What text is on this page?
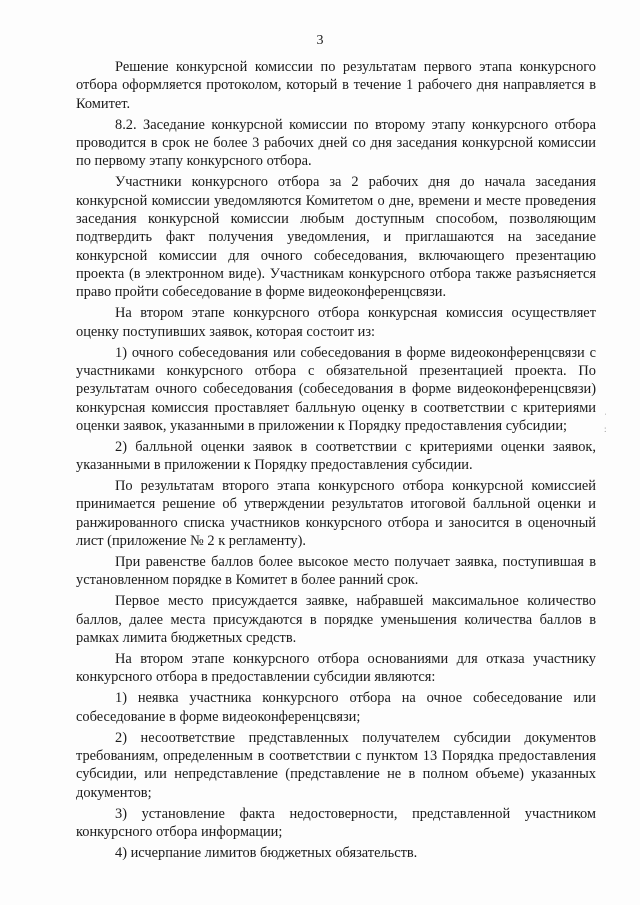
3

Решение конкурсной комиссии по результатам первого этапа конкурсного отбора оформляется протоколом, который в течение 1 рабочего дня направляется в Комитет.

8.2. Заседание конкурсной комиссии по второму этапу конкурсного отбора проводится в срок не более 3 рабочих дней со дня заседания конкурсной комиссии по первому этапу конкурсного отбора.

Участники конкурсного отбора за 2 рабочих дня до начала заседания конкурсной комиссии уведомляются Комитетом о дне, времени и месте проведения заседания конкурсной комиссии любым доступным способом, позволяющим подтвердить факт получения уведомления, и приглашаются на заседание конкурсной комиссии для очного собеседования, включающего презентацию проекта (в электронном виде). Участникам конкурсного отбора также разъясняется право пройти собеседование в форме видеоконференцсвязи.

На втором этапе конкурсного отбора конкурсная комиссия осуществляет оценку поступивших заявок, которая состоит из:

1) очного собеседования или собеседования в форме видеоконференцсвязи с участниками конкурсного отбора с обязательной презентацией проекта. По результатам очного собеседования (собеседования в форме видеоконференцсвязи) конкурсная комиссия проставляет балльную оценку в соответствии с критериями оценки заявок, указанными в приложении к Порядку предоставления субсидии;

2) балльной оценки заявок в соответствии с критериями оценки заявок, указанными в приложении к Порядку предоставления субсидии.

По результатам второго этапа конкурсного отбора конкурсной комиссией принимается решение об утверждении результатов итоговой балльной оценки и ранжированного списка участников конкурсного отбора и заносится в оценочный лист (приложение № 2 к регламенту).

При равенстве баллов более высокое место получает заявка, поступившая в установленном порядке в Комитет в более ранний срок.

Первое место присуждается заявке, набравшей максимальное количество баллов, далее места присуждаются в порядке уменьшения количества баллов в рамках лимита бюджетных средств.

На втором этапе конкурсного отбора основаниями для отказа участнику конкурсного отбора в предоставлении субсидии являются:

1) неявка участника конкурсного отбора на очное собеседование или собеседование в форме видеоконференцсвязи;

2) несоответствие представленных получателем субсидии документов требованиям, определенным в соответствии с пунктом 13 Порядка предоставления субсидии, или непредставление (представление не в полном объеме) указанных документов;

3) установление факта недостоверности, представленной участником конкурсного отбора информации;

4) исчерпание лимитов бюджетных обязательств.

ˌ
:
